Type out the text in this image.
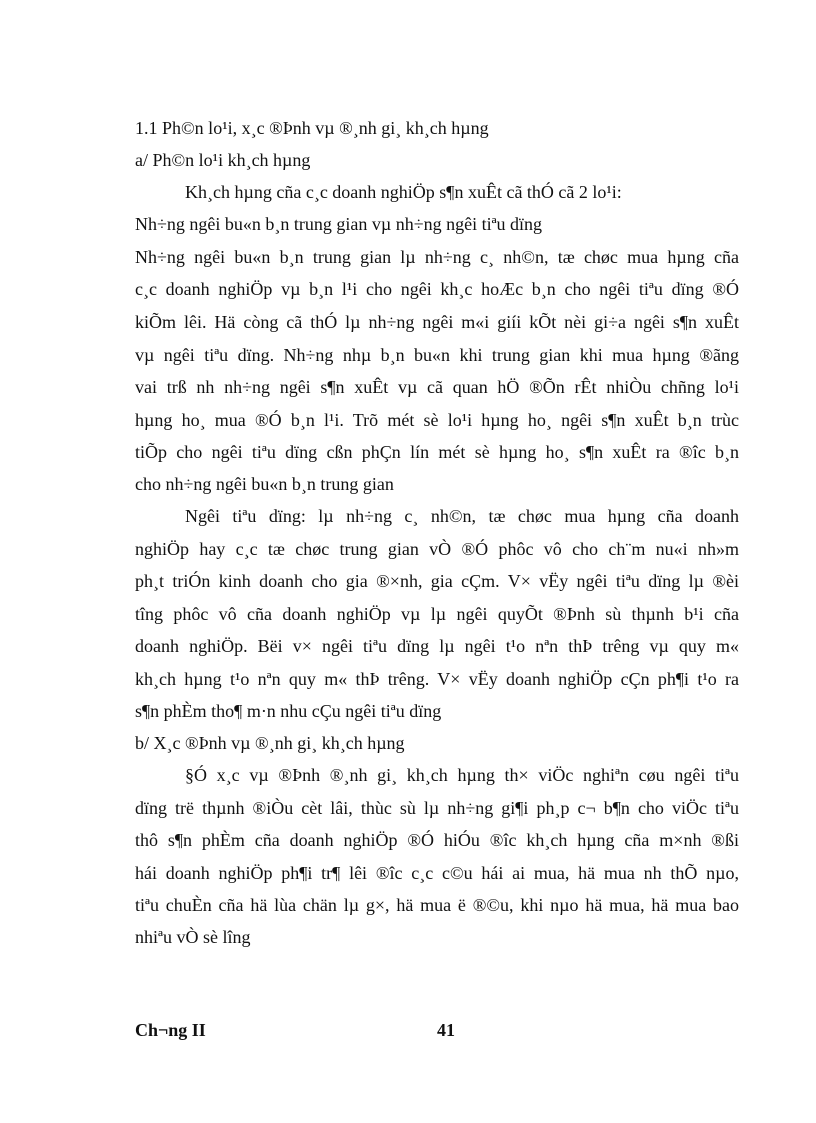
1.1 Ph©n lo¹i, x¸c ®Þnh vµ ®¸nh gi¸ kh¸ch hµng
a/ Ph©n lo¹i kh¸ch hµng
Kh¸ch hµng cña c¸c doanh nghiÖp s¶n xuÊt cã thÓ cã 2 lo¹i:
Nh÷ng ngêi bu«n b¸n trung gian vµ nh÷ng ngêi tiªu dïng
Nh÷ng ngêi bu«n b¸n trung gian lµ nh÷ng c¸ nh©n, tæ chøc mua hµng cña
c¸c doanh nghiÖp vµ b¸n l¹i cho ngêi kh¸c hoÆc b¸n cho ngêi tiªu dïng ®Ó
kiÕm lêi. Hä còng cã thÓ lµ nh÷ng ngêi m«i giíi kÕt nèi gi÷a ngêi s¶n xuÊt
vµ ngêi tiªu dïng. Nh÷ng nhµ b¸n bu«n khi trung gian khi mua hµng ®ãng
vai trß nh nh÷ng ngêi s¶n xuÊt vµ cã quan hÖ ®Õn rÊt nhiÒu chñng lo¹i
hµng ho¸ mua ®Ó b¸n l¹i. Trõ mét sè lo¹i hµng ho¸ ngêi s¶n xuÊt b¸n trùc
tiÕp cho ngêi tiªu dïng cßn phÇn lín mét sè hµng ho¸ s¶n xuÊt ra ®îc b¸n
cho nh÷ng ngêi bu«n b¸n trung gian
Ngêi tiªu dïng: lµ nh÷ng c¸ nh©n, tæ chøc mua hµng cña doanh
nghiÖp hay c¸c tæ chøc trung gian vÒ ®Ó phôc vô cho ch¨m nu«i nh»m
ph¸t triÓn kinh doanh cho gia ®×nh, gia cÇm. V× vËy ngêi tiªu dïng lµ ®èi
tîng phôc vô cña doanh nghiÖp vµ lµ ngêi quyÕt ®Þnh sù thµnh b¹i cña
doanh nghiÖp. Bëi v× ngêi tiªu dïng lµ ngêi t¹o nªn thÞ trêng vµ quy m«
kh¸ch hµng t¹o nªn quy m« thÞ trêng. V× vËy doanh nghiÖp cÇn ph¶i t¹o ra
s¶n phÈm tho¶ m·n nhu cÇu ngêi tiªu dïng
b/ X¸c ®Þnh vµ ®¸nh gi¸ kh¸ch hµng
§Ó x¸c vµ ®Þnh ®¸nh gi¸ kh¸ch hµng th× viÖc nghiªn cøu ngêi tiªu
dïng trë thµnh ®iÒu cèt lâi, thùc sù lµ nh÷ng gi¶i ph¸p c¬ b¶n cho viÖc tiªu
thô s¶n phÈm cña doanh nghiÖp ®Ó hiÓu ®îc kh¸ch hµng cña m×nh ®ßi
hái doanh nghiÖp ph¶i tr¶ lêi ®îc c¸c c©u hái ai mua, hä mua nh thÕ nµo,
tiªu chuÈn cña hä lùa chän lµ g×, hä mua ë ®©u, khi nµo hä mua, hä mua bao
nhiªu vÒ sè lîng
Ch¬ng II	41
